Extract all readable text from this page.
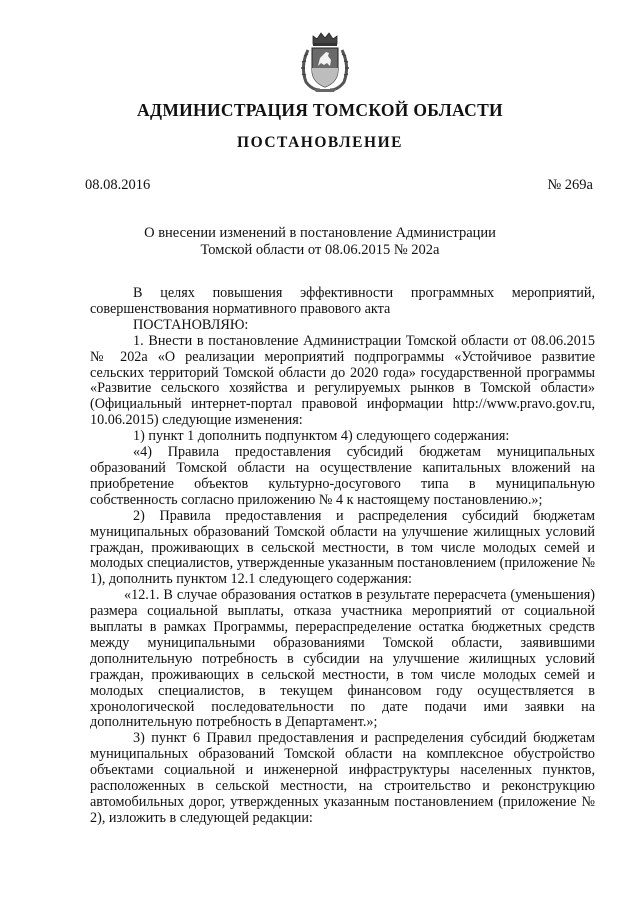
АДМИНИСТРАЦИЯ ТОМСКОЙ ОБЛАСТИ
ПОСТАНОВЛЕНИЕ
08.08.2016	№ 269а
О внесении изменений в постановление Администрации
Томской области от 08.06.2015 № 202а

В целях повышения эффективности программных мероприятий, совершенствования нормативного правового акта

ПОСТАНОВЛЯЮ:

1. Внести в постановление Администрации Томской области от 08.06.2015 № 202а «О реализации мероприятий подпрограммы «Устойчивое развитие сельских территорий Томской области до 2020 года» государственной программы «Развитие сельского хозяйства и регулируемых рынков в Томской области» (Официальный интернет-портал правовой информации http://www.pravo.gov.ru, 10.06.2015) следующие изменения:

1) пункт 1 дополнить подпунктом 4) следующего содержания:

«4) Правила предоставления субсидий бюджетам муниципальных образований Томской области на осуществление капитальных вложений на приобретение объектов культурно-досугового типа в муниципальную собственность согласно приложению № 4 к настоящему постановлению.»;

2) Правила предоставления и распределения субсидий бюджетам муниципальных образований Томской области на улучшение жилищных условий граждан, проживающих в сельской местности, в том числе молодых семей и молодых специалистов, утвержденные указанным постановлением (приложение № 1), дополнить пунктом 12.1 следующего содержания:

«12.1. В случае образования остатков в результате перерасчета (уменьшения) размера социальной выплаты, отказа участника мероприятий от социальной выплаты в рамках Программы, перераспределение остатка бюджетных средств между муниципальными образованиями Томской области, заявившими дополнительную потребность в субсидии на улучшение жилищных условий граждан, проживающих в сельской местности, в том числе молодых семей и молодых специалистов, в текущем финансовом году осуществляется в хронологической последовательности по дате подачи ими заявки на дополнительную потребность в Департамент.»;

3) пункт 6 Правил предоставления и распределения субсидий бюджетам муниципальных образований Томской области на комплексное обустройство объектами социальной и инженерной инфраструктуры населенных пунктов, расположенных в сельской местности, на строительство и реконструкцию автомобильных дорог, утвержденных указанным постановлением (приложение № 2), изложить в следующей редакции:
